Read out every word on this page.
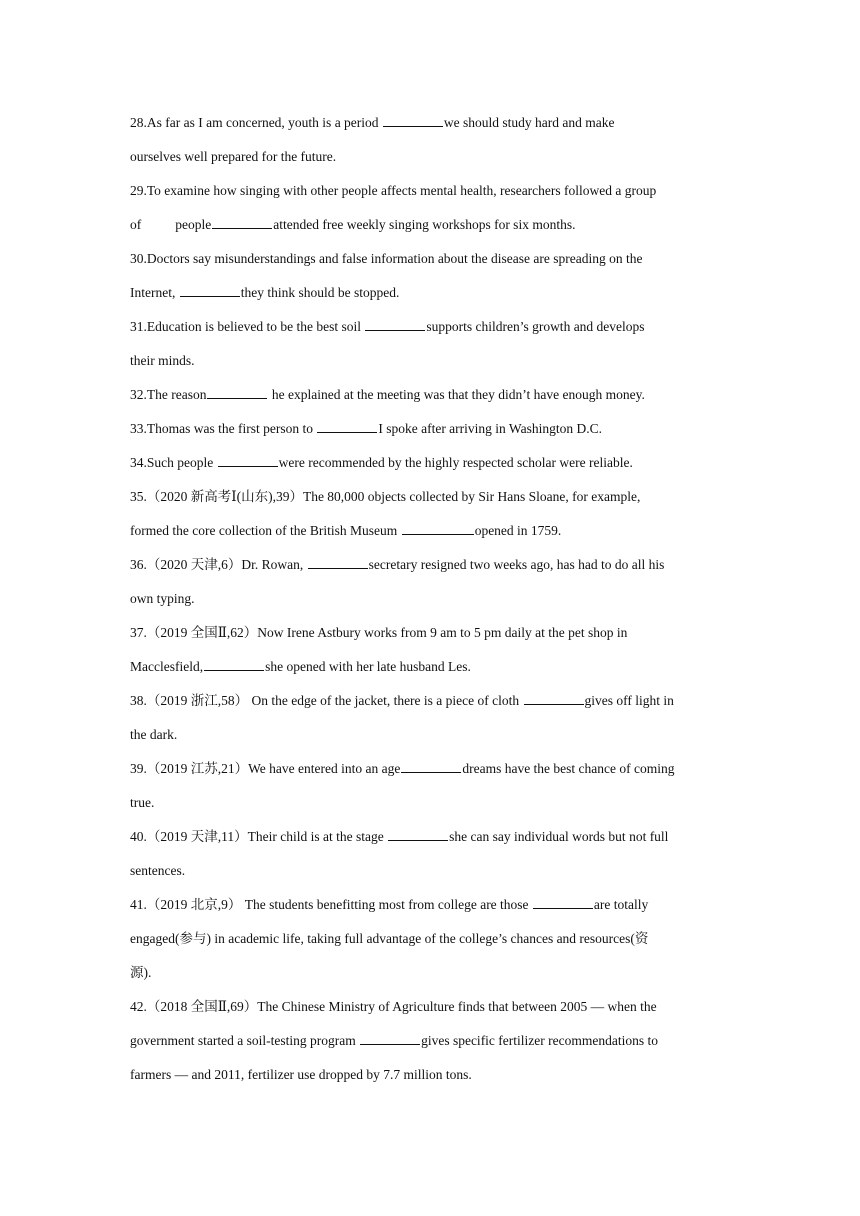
28.As far as I am concerned, youth is a period	we should study hard and make
ourselves well prepared for the future.
29.To examine how singing with other people affects mental health, researchers followed a group
of	people	attended free weekly singing workshops for six months.
30.Doctors say misunderstandings and false information about the disease are spreading on the
Internet,	they think should be stopped.
31.Education is believed to be the best soil	supports children’s growth and develops
their minds.
32.The reason	he explained at the meeting was that they didn’t have enough money.
33.Thomas was the first person to	I spoke after arriving in Washington D.C.
34.Such people	were recommended by the highly respected scholar were reliable.
35.（2020 新高考Ⅰ(山东),39）The 80,000 objects collected by Sir Hans Sloane, for example,
formed the core collection of the British Museum	opened in 1759.
36.（2020 天津,6）Dr. Rowan,	secretary resigned two weeks ago, has had to do all his
own typing.
37.（2019 全国Ⅱ,62）Now Irene Astbury works from 9 am to 5 pm daily at the pet shop in
Macclesfield,	she opened with her late husband Les.
38.（2019 浙江,58） On the edge of the jacket, there is a piece of cloth	gives off light in
the dark.
39.（2019 江苏,21）We have entered into an age	dreams have the best chance of coming
true.
40.（2019 天津,11）Their child is at the stage	she can say individual words but not full
sentences.
41.（2019 北京,9） The students benefitting most from college are those	are totally
engaged(参与) in academic life, taking full advantage of the college’s chances and resources(资
源).
42.（2018 全国Ⅱ,69）The Chinese Ministry of Agriculture finds that between 2005 — when the
government started a soil-testing program	gives specific fertilizer recommendations to
farmers — and 2011, fertilizer use dropped by 7.7 million tons.
